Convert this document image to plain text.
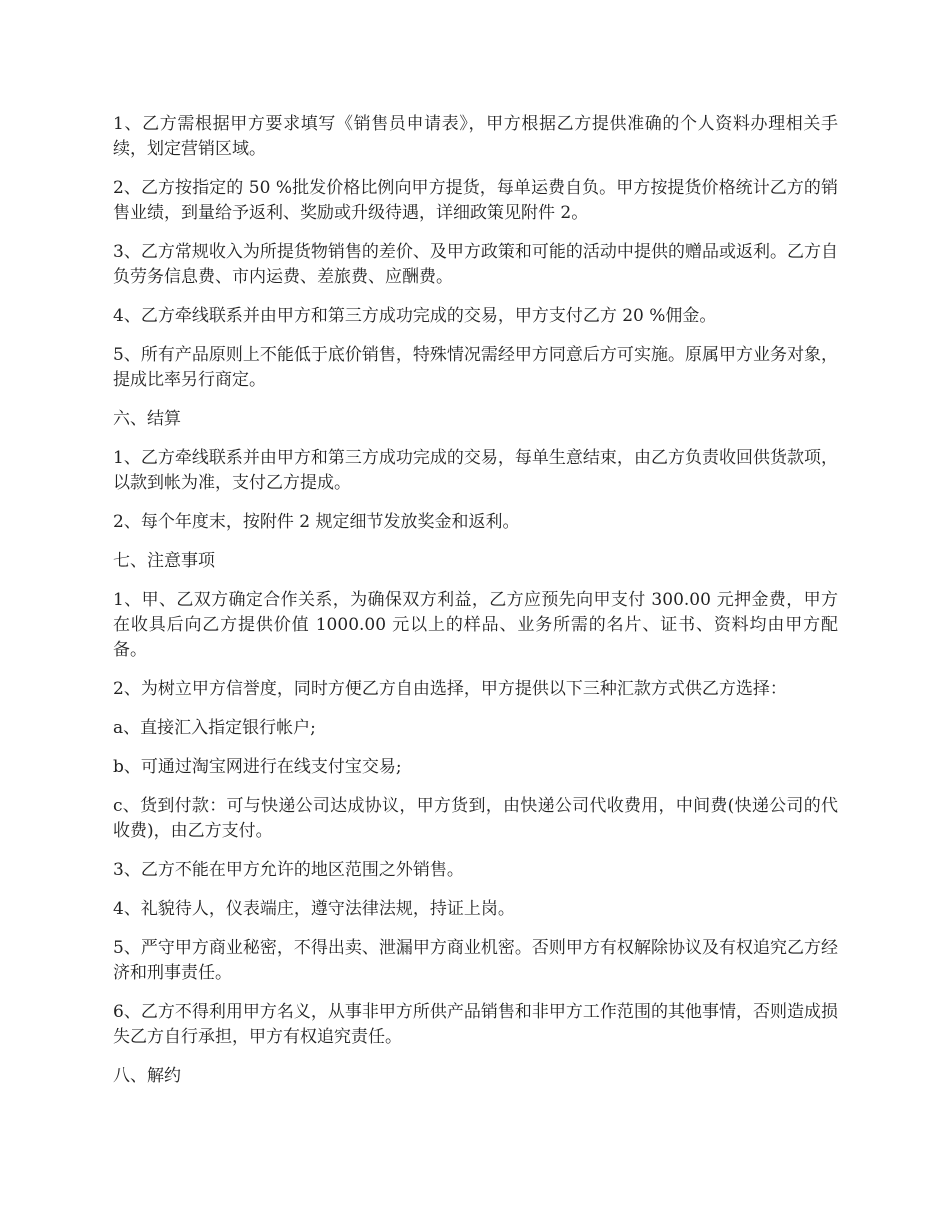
1、乙方需根据甲方要求填写《销售员申请表》，甲方根据乙方提供准确的个人资料办理相关手续，划定营销区域。

2、乙方按指定的 50 %批发价格比例向甲方提货，每单运费自负。甲方按提货价格统计乙方的销售业绩，到量给予返利、奖励或升级待遇，详细政策见附件 2。

3、乙方常规收入为所提货物销售的差价、及甲方政策和可能的活动中提供的赠品或返利。乙方自负劳务信息费、市内运费、差旅费、应酬费。

4、乙方牵线联系并由甲方和第三方成功完成的交易，甲方支付乙方 20 %佣金。

5、所有产品原则上不能低于底价销售，特殊情况需经甲方同意后方可实施。原属甲方业务对象，提成比率另行商定。

六、结算

1、乙方牵线联系并由甲方和第三方成功完成的交易，每单生意结束，由乙方负责收回供货款项，以款到帐为准，支付乙方提成。

2、每个年度末，按附件 2 规定细节发放奖金和返利。

七、注意事项

1、甲、乙双方确定合作关系，为确保双方利益，乙方应预先向甲支付 300.00 元押金费，甲方在收具后向乙方提供价值 1000.00 元以上的样品、业务所需的名片、证书、资料均由甲方配备。

2、为树立甲方信誉度，同时方便乙方自由选择，甲方提供以下三种汇款方式供乙方选择：

a、直接汇入指定银行帐户;

b、可通过淘宝网进行在线支付宝交易;

c、货到付款：可与快递公司达成协议，甲方货到，由快递公司代收费用，中间费(快递公司的代收费)，由乙方支付。

3、乙方不能在甲方允许的地区范围之外销售。

4、礼貌待人，仪表端庄，遵守法律法规，持证上岗。

5、严守甲方商业秘密，不得出卖、泄漏甲方商业机密。否则甲方有权解除协议及有权追究乙方经济和刑事责任。

6、乙方不得利用甲方名义，从事非甲方所供产品销售和非甲方工作范围的其他事情，否则造成损失乙方自行承担，甲方有权追究责任。

八、解约
